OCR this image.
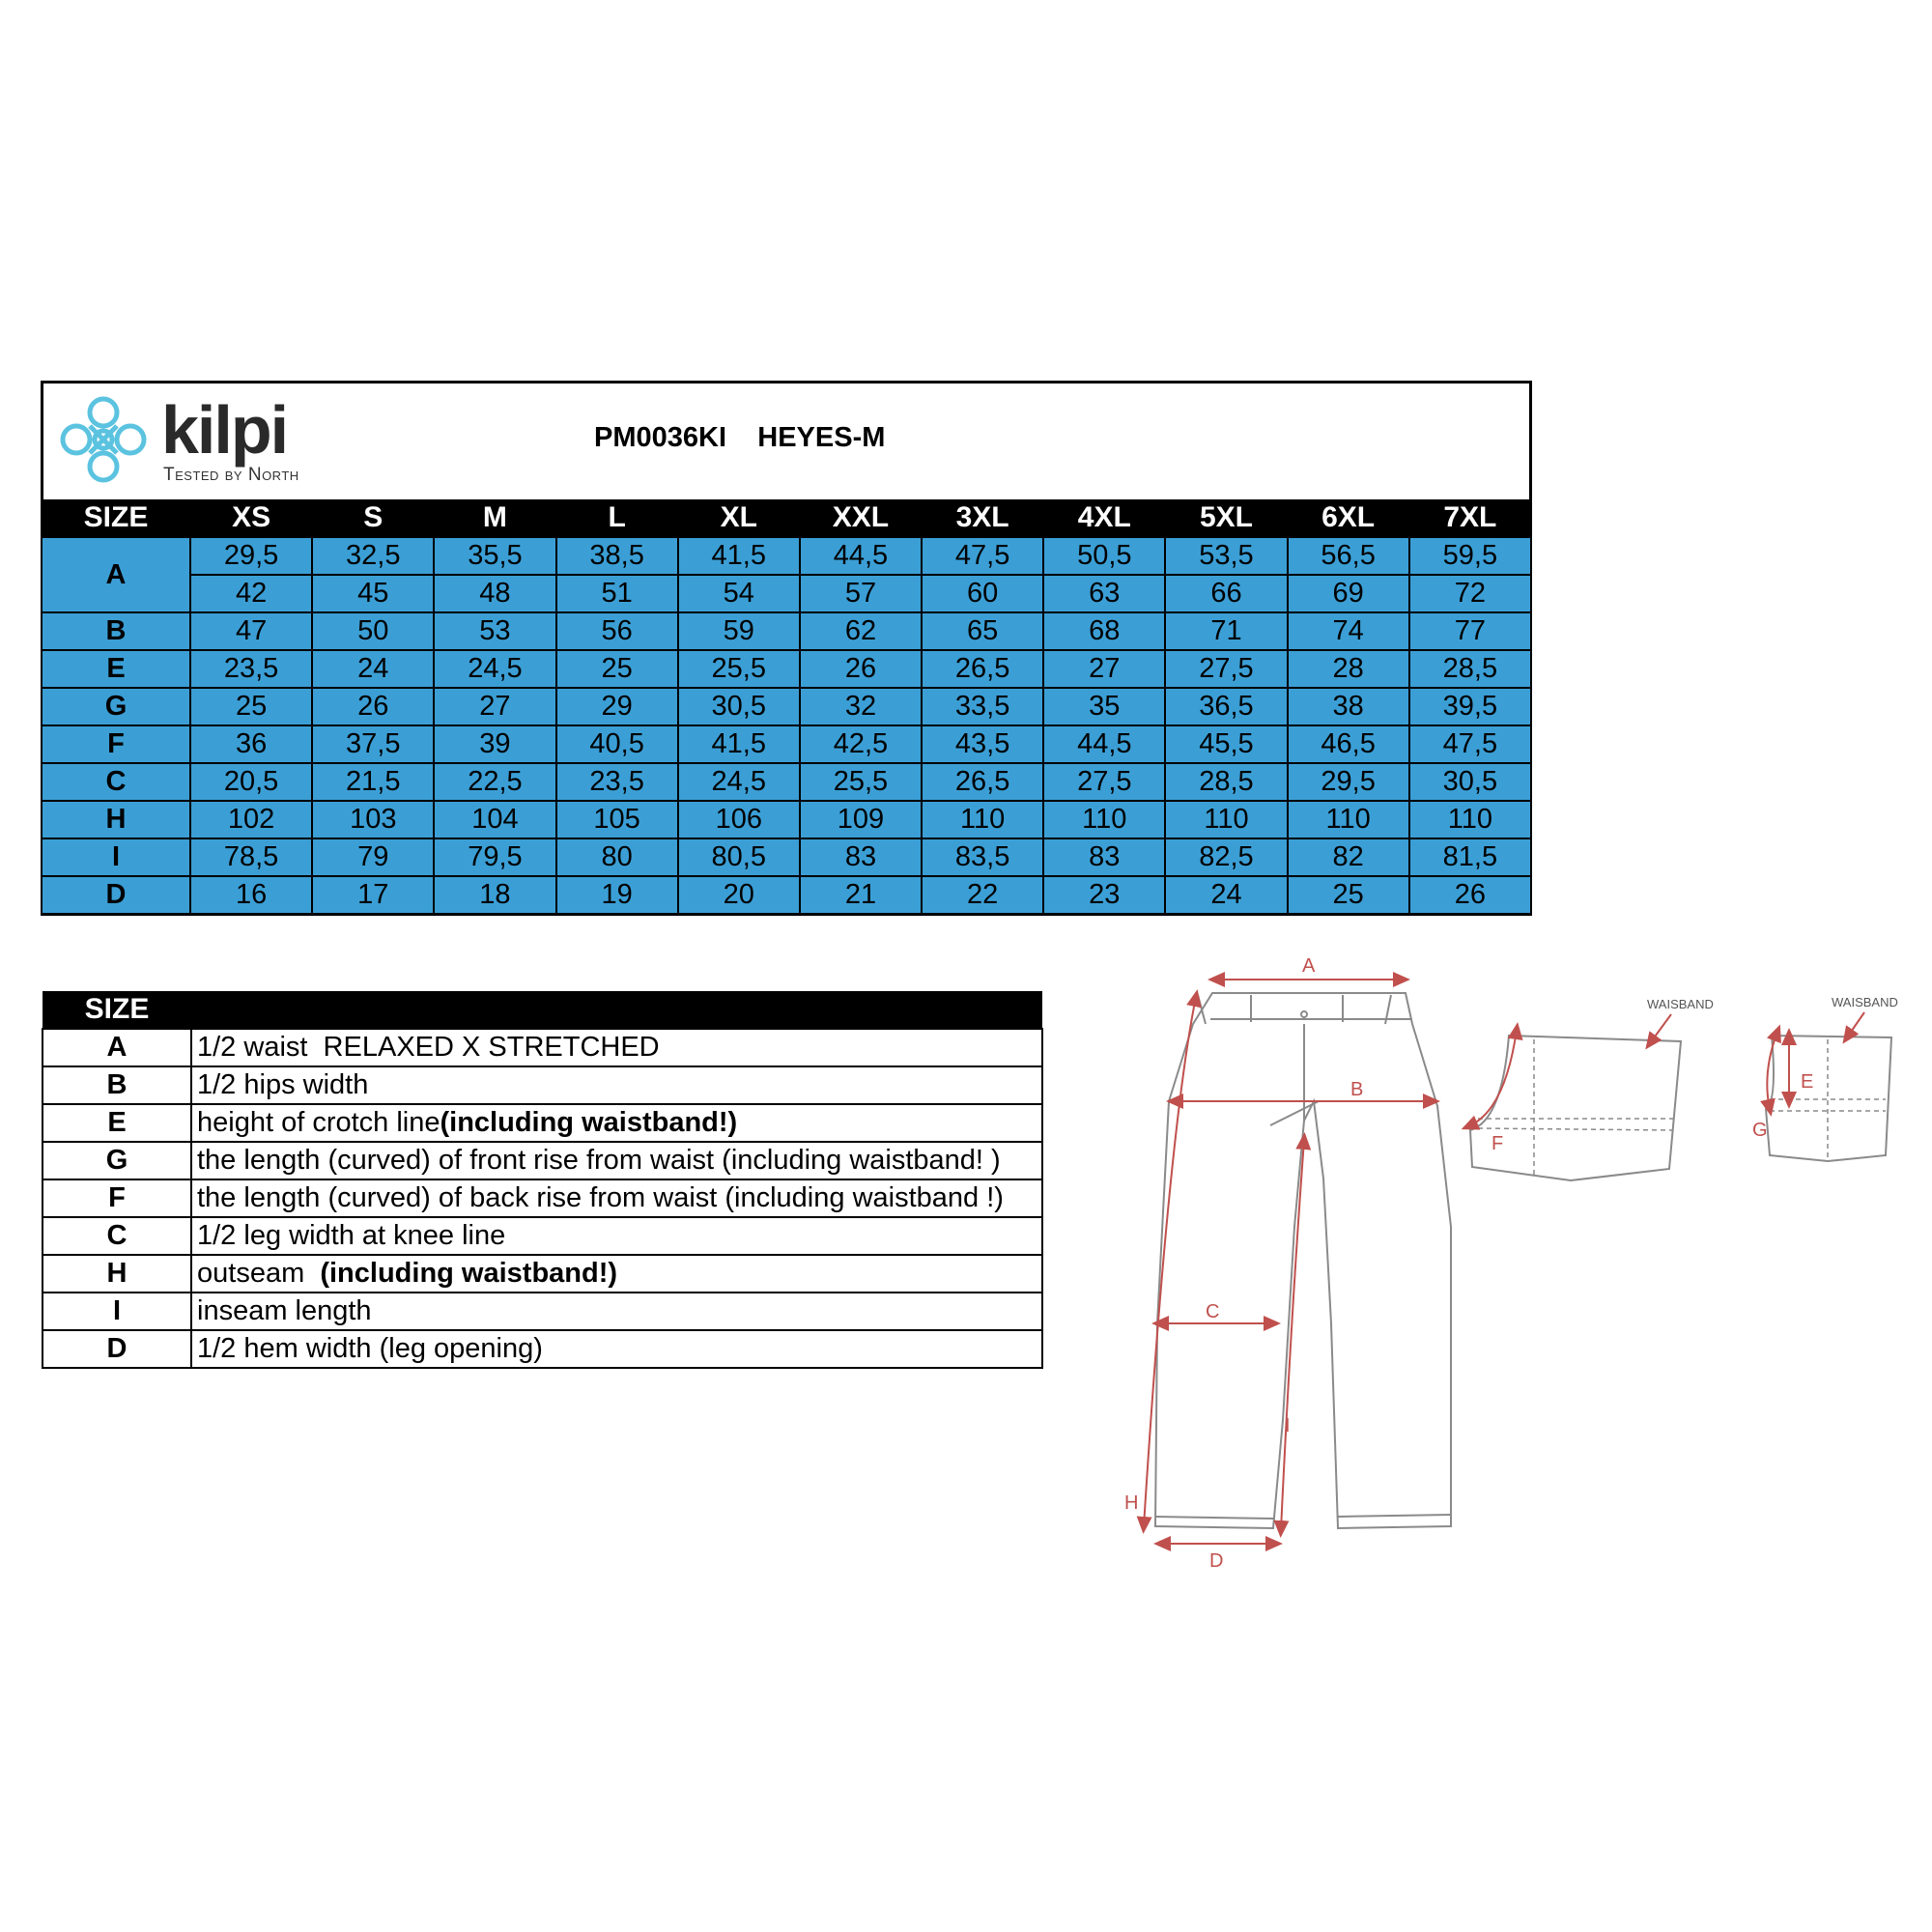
kilpi
Tested by North
PM0036KI HEYES-M
SIZE	XS	S	M	L	XL	XXL	3XL	4XL	5XL	6XL	7XL
A	29,5	32,5	35,5	38,5	41,5	44,5	47,5	50,5	53,5	56,5	59,5
	42	45	48	51	54	57	60	63	66	69	72
B	47	50	53	56	59	62	65	68	71	74	77
E	23,5	24	24,5	25	25,5	26	26,5	27	27,5	28	28,5
G	25	26	27	29	30,5	32	33,5	35	36,5	38	39,5
F	36	37,5	39	40,5	41,5	42,5	43,5	44,5	45,5	46,5	47,5
C	20,5	21,5	22,5	23,5	24,5	25,5	26,5	27,5	28,5	29,5	30,5
H	102	103	104	105	106	109	110	110	110	110	110
I	78,5	79	79,5	80	80,5	83	83,5	83	82,5	82	81,5
D	16	17	18	19	20	21	22	23	24	25	26
SIZE	
A	1/2 waist  RELAXED X STRETCHED
B	1/2 hips width
E	height of crotch line(including waistband!)
G	the length (curved) of front rise from waist (including waistband! )
F	the length (curved) of back rise from waist (including waistband !)
C	1/2 leg width at knee line
H	outseam  (including waistband!)
I	inseam length
D	1/2 hem width (leg opening)
A
B
C
D
H
I
F
WAISBAND
G
E
WAISBAND
